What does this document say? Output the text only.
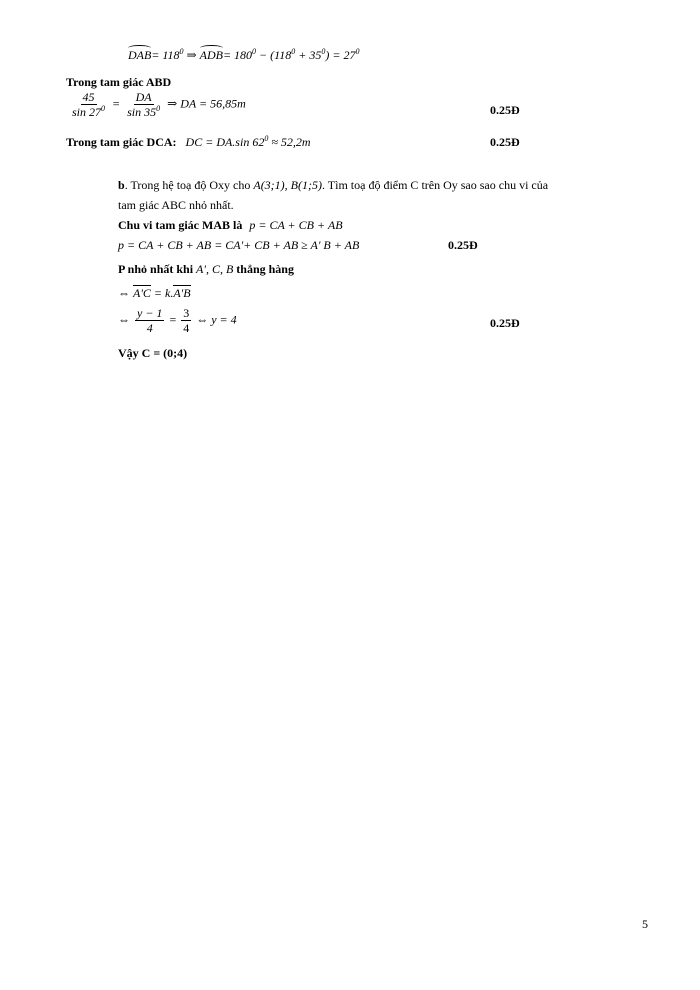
$DAB= 118^0$ ⇒ $ADB= 180^0 - (118^0 + 35^0) = 27^0$
Trong tam giác ABD
$\frac{45}{\sin 27^0} = \frac{DA}{\sin 35^0}$ ⇒ DA = 56,85m	0.25Đ
Trong tam giác DCA: DC = DA.sin $62^0 \approx 52,2m$	0.25Đ
b. Trong hệ toạ độ Oxy cho A(3;1), B(1;5). Tìm toạ độ điểm C trên Oy sao sao chu vi của
tam giác ABC nhỏ nhất.
Chu vi tam giác MAB là p = CA + CB + AB
p = CA + CB + AB = CA'+ CB + AB ≥ A' B + AB	0.25Đ
P nhỏ nhất khi A', C, B thẳng hàng
⇔ A'C = k.A'B
⇔ $\frac{y - 1}{4} = \frac{3}{4}$ ⇔ y = 4	0.25Đ
Vậy C = (0;4)
5
